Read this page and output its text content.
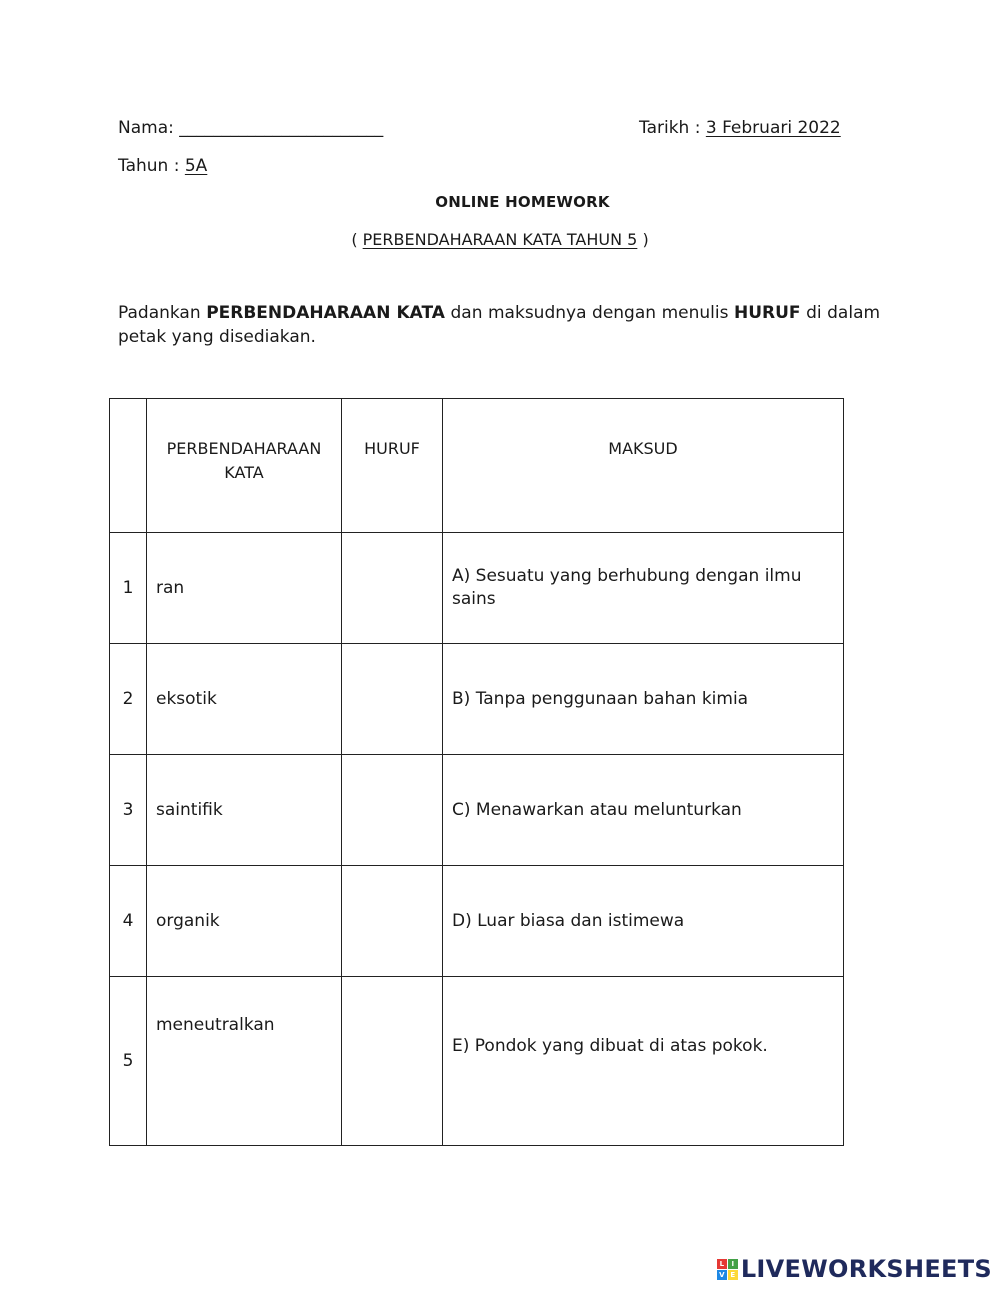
Nama: ________________________	Tarikh : 3 Februari 2022
Tahun : 5A
ONLINE HOMEWORK
( PERBENDAHARAAN KATA TAHUN 5 )
Padankan PERBENDAHARAAN KATA dan maksudnya dengan menulis HURUF di dalam petak yang disediakan.
	PERBENDAHARAAN KATA	HURUF	MAKSUD
1	ran		A) Sesuatu yang berhubung dengan ilmu sains
2	eksotik		B) Tanpa penggunaan bahan kimia
3	saintifik		C) Menawarkan atau melunturkan
4	organik		D) Luar biasa dan istimewa
5	meneutralkan		E) Pondok yang dibuat di atas pokok.
L	I
V E LIVEWORKSHEETS
